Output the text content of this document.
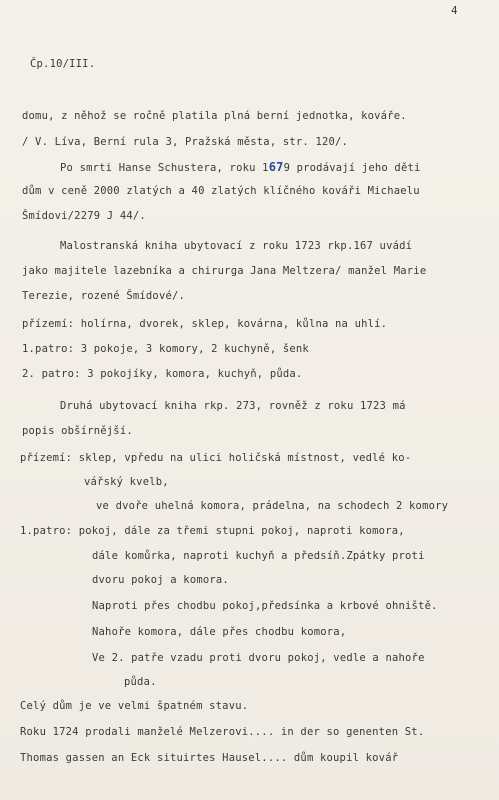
4
Čp.10/III.
domu, z něhož se ročně platila plná berní jednotka, kováře.
/ V. Líva, Berní rula 3, Pražská města, str. 120/.
Po smrti Hanse Schustera, roku 1679 prodávají jeho děti
dům v ceně 2000 zlatých a 40 zlatých klíčného kováři Michaelu
Šmídovi/2279 J 44/.
Malostranská kniha ubytovací z roku 1723 rkp.167 uvádí
jako majitele lazebníka a chirurga Jana Meltzera/ manžel Marie
Terezie, rozené Šmídové/.
přízemí: holírna, dvorek, sklep, kovárna, kůlna na uhlí.
1.patro: 3 pokoje, 3 komory, 2 kuchyně, šenk
2. patro: 3 pokojíky, komora, kuchyň, půda.
Druhá ubytovací kniha rkp. 273, rovněž z roku 1723 má
popis obšírnější.
přízemí: sklep, vpředu na ulici holičská místnost, vedlé ko-
vářský kvelb,
ve dvoře uhelná komora, prádelna, na schodech 2 komory
1.patro: pokoj, dále za třemi stupni pokoj, naproti komora,
dále komůrka, naproti kuchyň a předsíň.Zpátky proti
dvoru pokoj a komora.
Naproti přes chodbu pokoj,předsínka a krbové ohniště.
Nahoře komora, dále přes chodbu komora,
Ve 2. patře vzadu proti dvoru pokoj, vedle a nahoře
půda.
Celý dům je ve velmi špatném stavu.
Roku 1724 prodali manželé Melzerovi.... in der so genenten St.
Thomas gassen an Eck situirtes Hausel.... dům koupil kovář
